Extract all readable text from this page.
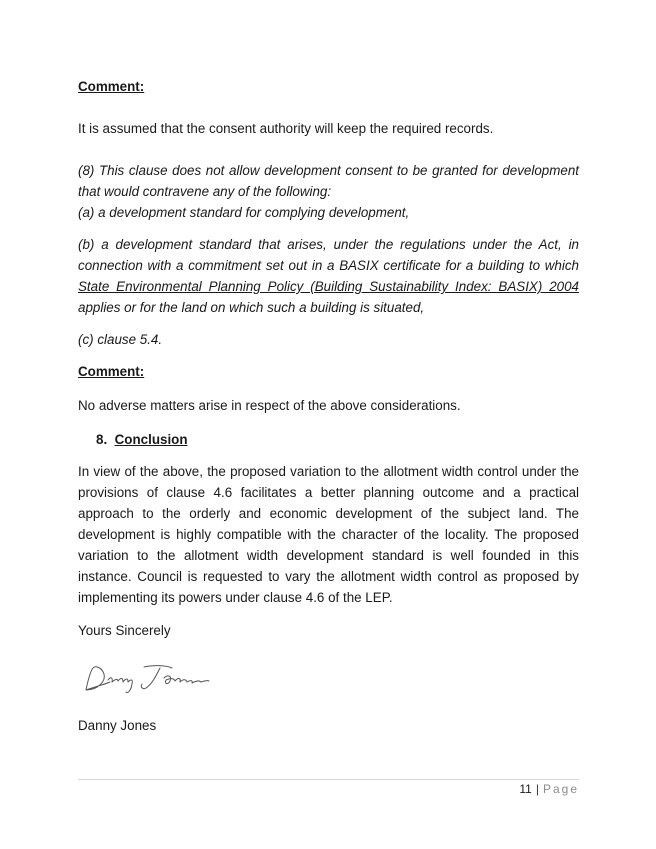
Comment:

It is assumed that the consent authority will keep the required records.

(8) This clause does not allow development consent to be granted for development that would contravene any of the following:

(a) a development standard for complying development,

(b) a development standard that arises, under the regulations under the Act, in connection with a commitment set out in a BASIX certificate for a building to which State Environmental Planning Policy (Building Sustainability Index: BASIX) 2004 applies or for the land on which such a building is situated,

(c) clause 5.4.

Comment:

No adverse matters arise in respect of the above considerations.

8. Conclusion

In view of the above, the proposed variation to the allotment width control under the provisions of clause 4.6 facilitates a better planning outcome and a practical approach to the orderly and economic development of the subject land. The development is highly compatible with the character of the locality. The proposed variation to the allotment width development standard is well founded in this instance. Council is requested to vary the allotment width control as proposed by implementing its powers under clause 4.6 of the LEP.

Yours Sincerely

Danny Jones

11 | Page
